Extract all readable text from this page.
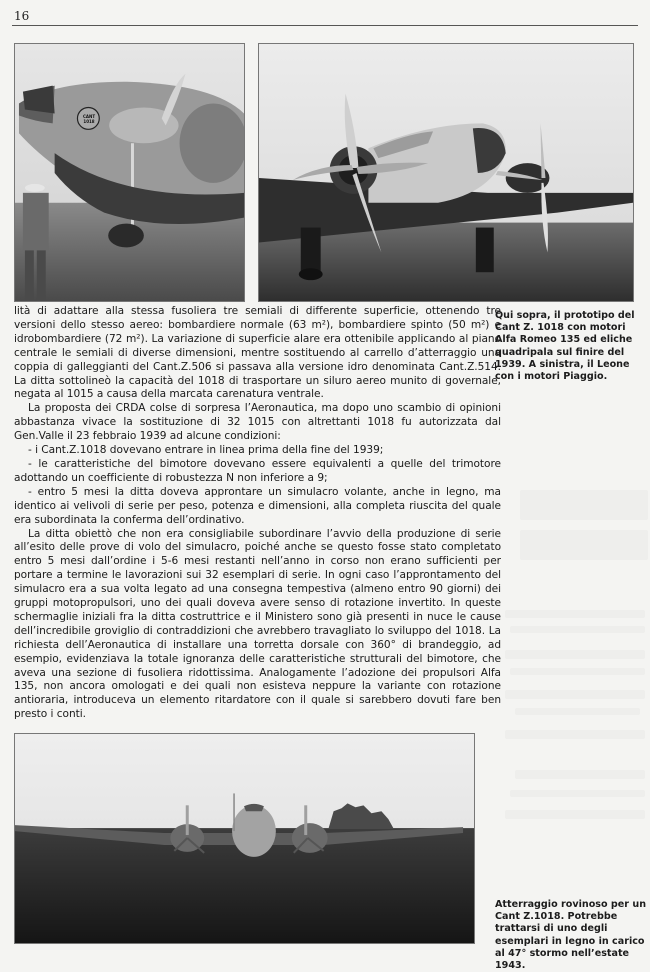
16
CANT 1018

lità di adattare alla stessa fusoliera tre semiali di differente superficie, ottenendo tre versioni dello stesso aereo: bombardiere normale (63 m²), bombardiere spinto (50 m²) e idrobombardiere (72 m²). La variazione di superficie alare era ottenibile applicando al piano centrale le semiali di diverse dimensioni, mentre sostituendo al carrello d’atterraggio una coppia di galleggianti del Cant.Z.506 si passava alla versione idro denominata Cant.Z.514. La ditta sottolineò la capacità del 1018 di trasportare un siluro aereo munito di governale, negata al 1015 a causa della marcata carenatura ventrale.

La proposta dei CRDA colse di sorpresa l’Aeronautica, ma dopo uno scambio di opinioni abbastanza vivace la sostituzione di 32 1015 con altrettanti 1018 fu autorizzata dal Gen.Valle il 23 febbraio 1939 ad alcune condizioni:

- i Cant.Z.1018 dovevano entrare in linea prima della fine del 1939;

- le caratteristiche del bimotore dovevano essere equivalenti a quelle del trimotore adottando un coefficiente di robustezza N non inferiore a 9;

- entro 5 mesi la ditta doveva approntare un simulacro volante, anche in legno, ma identico ai velivoli di serie per peso, potenza e dimensioni, alla completa riuscita del quale era subordinata la conferma dell’ordinativo.

La ditta obiettò che non era consigliabile subordinare l’avvio della produzione di serie all’esito delle prove di volo del simulacro, poiché anche se questo fosse stato completato entro 5 mesi dall’ordine i 5-6 mesi restanti nell’anno in corso non erano sufficienti per portare a termine le lavorazioni sui 32 esemplari di serie. In ogni caso l’approntamento del simulacro era a sua volta legato ad una consegna tempestiva (almeno entro 90 giorni) dei gruppi motopropulsori, uno dei quali doveva avere senso di rotazione invertito. In queste schermaglie iniziali fra la ditta costruttrice e il Ministero sono già presenti in nuce le cause dell’incredibile groviglio di contraddizioni che avrebbero travagliato lo sviluppo del 1018. La richiesta dell’Aeronautica di installare una torretta dorsale con 360° di brandeggio, ad esempio, evidenziava la totale ignoranza delle caratteristiche strutturali del bimotore, che aveva una sezione di fusoliera ridottissima. Analogamente l’adozione dei propulsori Alfa 135, non ancora omologati e dei quali non esisteva neppure la variante con rotazione antioraria, introduceva un elemento ritardatore con il quale si sarebbero dovuti fare ben presto i conti.

Qui sopra, il prototipo del Cant Z. 1018 con motori Alfa Romeo 135 ed eliche quadripala sul finire del 1939. A sinistra, il Leone con i motori Piaggio.
Atterraggio rovinoso per un Cant Z.1018. Potrebbe trattarsi di uno degli esemplari in legno in carico al 47° stormo nell’estate 1943.
